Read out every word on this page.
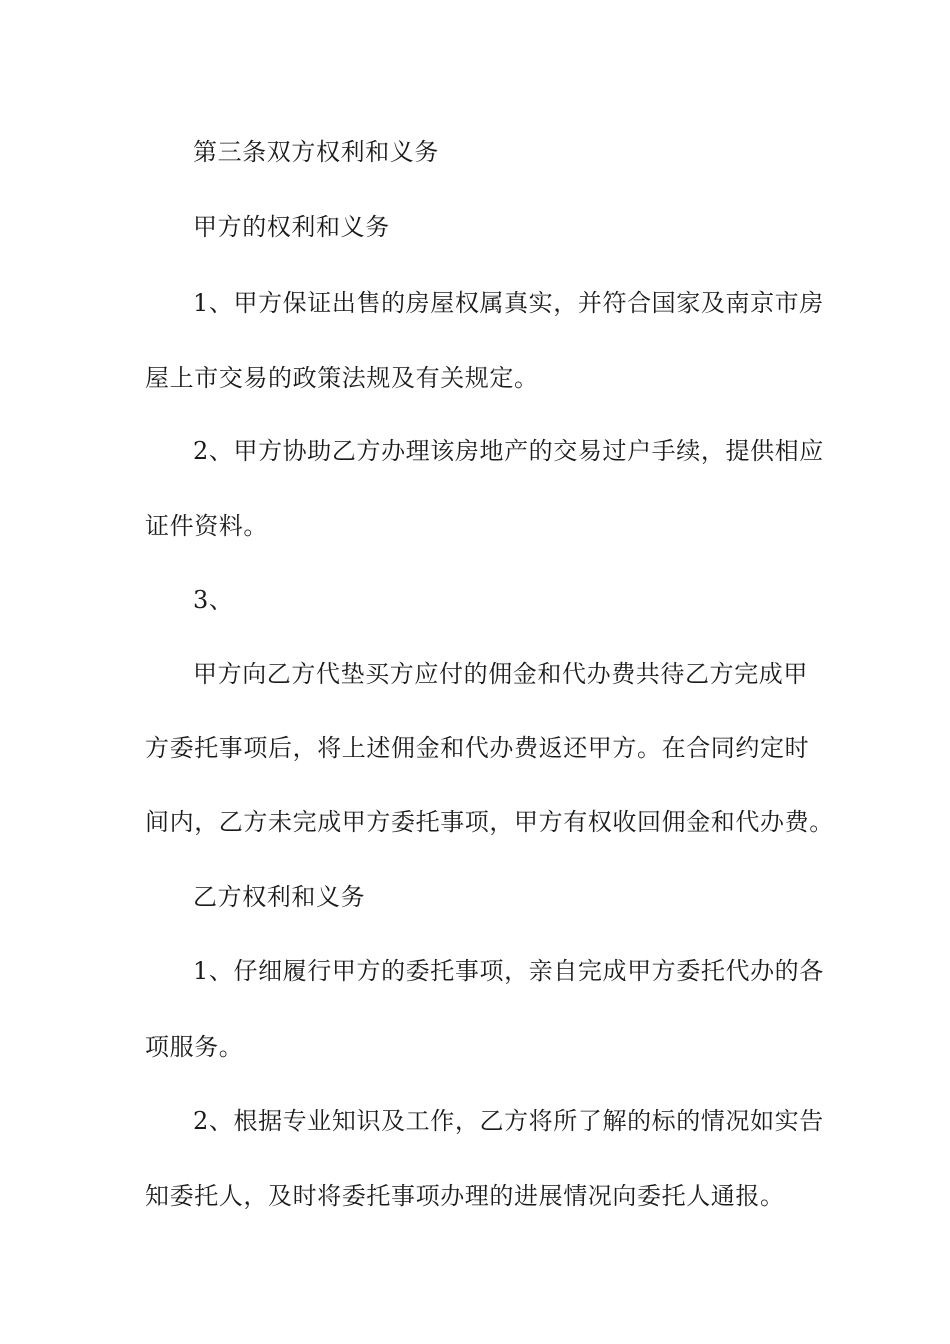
第三条双方权利和义务
甲方的权利和义务
1、甲方保证出售的房屋权属真实，并符合国家及南京市房
屋上市交易的政策法规及有关规定。
2、甲方协助乙方办理该房地产的交易过户手续，提供相应
证件资料。
3、
甲方向乙方代垫买方应付的佣金和代办费共待乙方完成甲
方委托事项后，将上述佣金和代办费返还甲方。在合同约定时
间内，乙方未完成甲方委托事项，甲方有权收回佣金和代办费。
乙方权利和义务
1、仔细履行甲方的委托事项，亲自完成甲方委托代办的各
项服务。
2、根据专业知识及工作，乙方将所了解的标的情况如实告
知委托人，及时将委托事项办理的进展情况向委托人通报。
